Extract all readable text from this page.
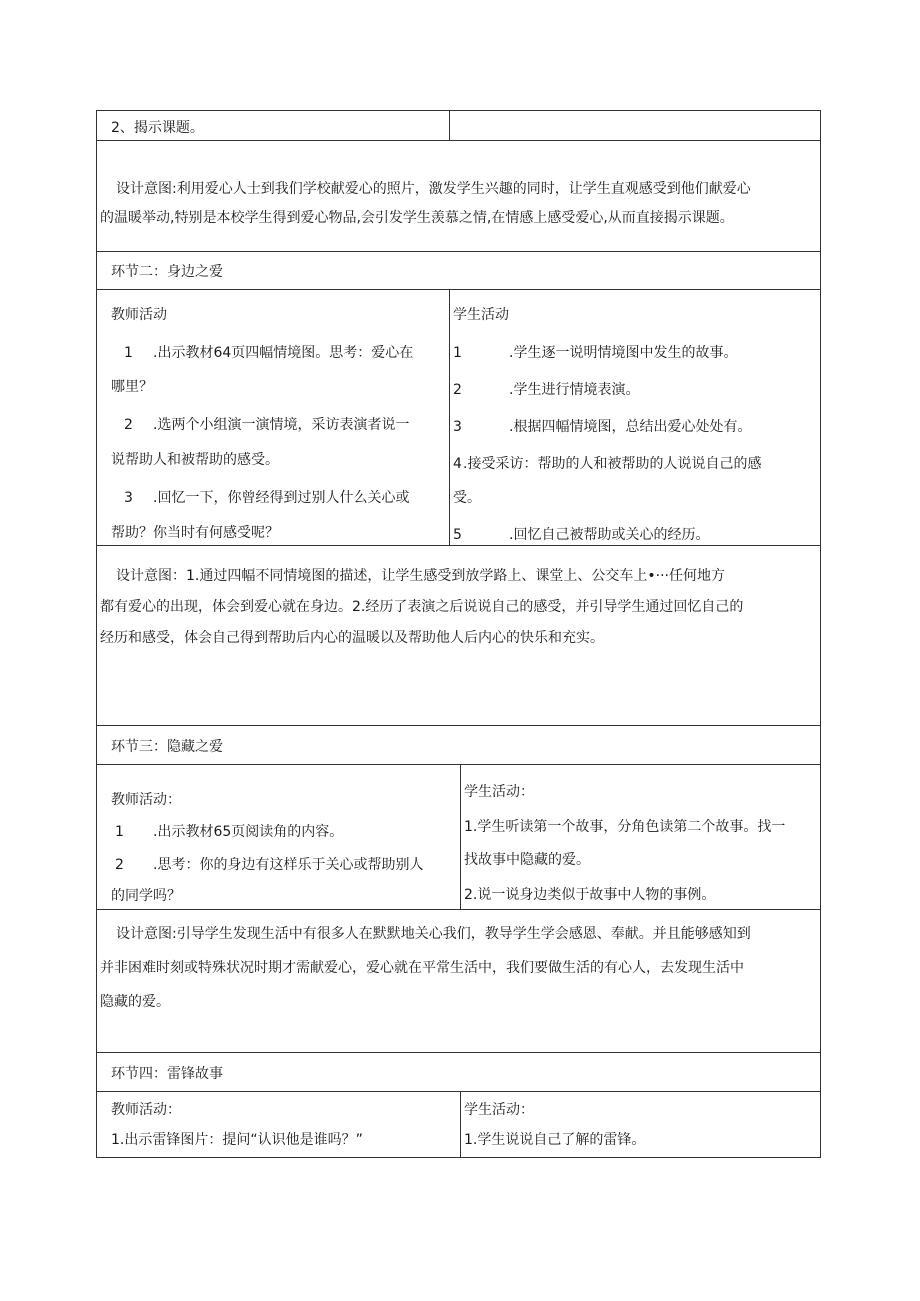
2、揭示课题。
设计意图:利用爱心人士到我们学校献爱心的照片，激发学生兴趣的同时，让学生直观感受到他们献爱心
的温暖举动,特别是本校学生得到爱心物品,会引发学生羡慕之情,在情感上感受爱心,从而直接揭示课题。
环节二：身边之爱
教师活动
1 .出示教材64页四幅情境图。思考：爱心在
哪里？
2 .选两个小组演一演情境，采访表演者说一
说帮助人和被帮助的感受。
3 .回忆一下，你曾经得到过别人什么关心或
帮助？你当时有何感受呢？
学生活动
1	.学生逐一说明情境图中发生的故事。
2	.学生进行情境表演。
3	.根据四幅情境图，总结出爱心处处有。
4 .接受采访：帮助的人和被帮助的人说说自己的感
受。
5	.回忆自己被帮助或关心的经历。
设计意图：1.通过四幅不同情境图的描述，让学生感受到放学路上、课堂上、公交车上•···任何地方
都有爱心的出现，体会到爱心就在身边。2.经历了表演之后说说自己的感受，并引导学生通过回忆自己的
经历和感受，体会自己得到帮助后内心的温暖以及帮助他人后内心的快乐和充实。
环节三：隐藏之爱
教师活动：
1 .出示教材65页阅读角的内容。
2 .思考：你的身边有这样乐于关心或帮助别人
的同学吗？
学生活动：
1.学生听读第一个故事，分角色读第二个故事。找一
找故事中隐藏的爱。
2.说一说身边类似于故事中人物的事例。
设计意图:引导学生发现生活中有很多人在默默地关心我们，教导学生学会感恩、奉献。并且能够感知到
并非困难时刻或特殊状况时期才需献爱心，爱心就在平常生活中，我们要做生活的有心人，去发现生活中
隐藏的爱。
环节四：雷锋故事
教师活动：
1.出示雷锋图片：提问“认识他是谁吗？”
学生活动：
1.学生说说自己了解的雷锋。
